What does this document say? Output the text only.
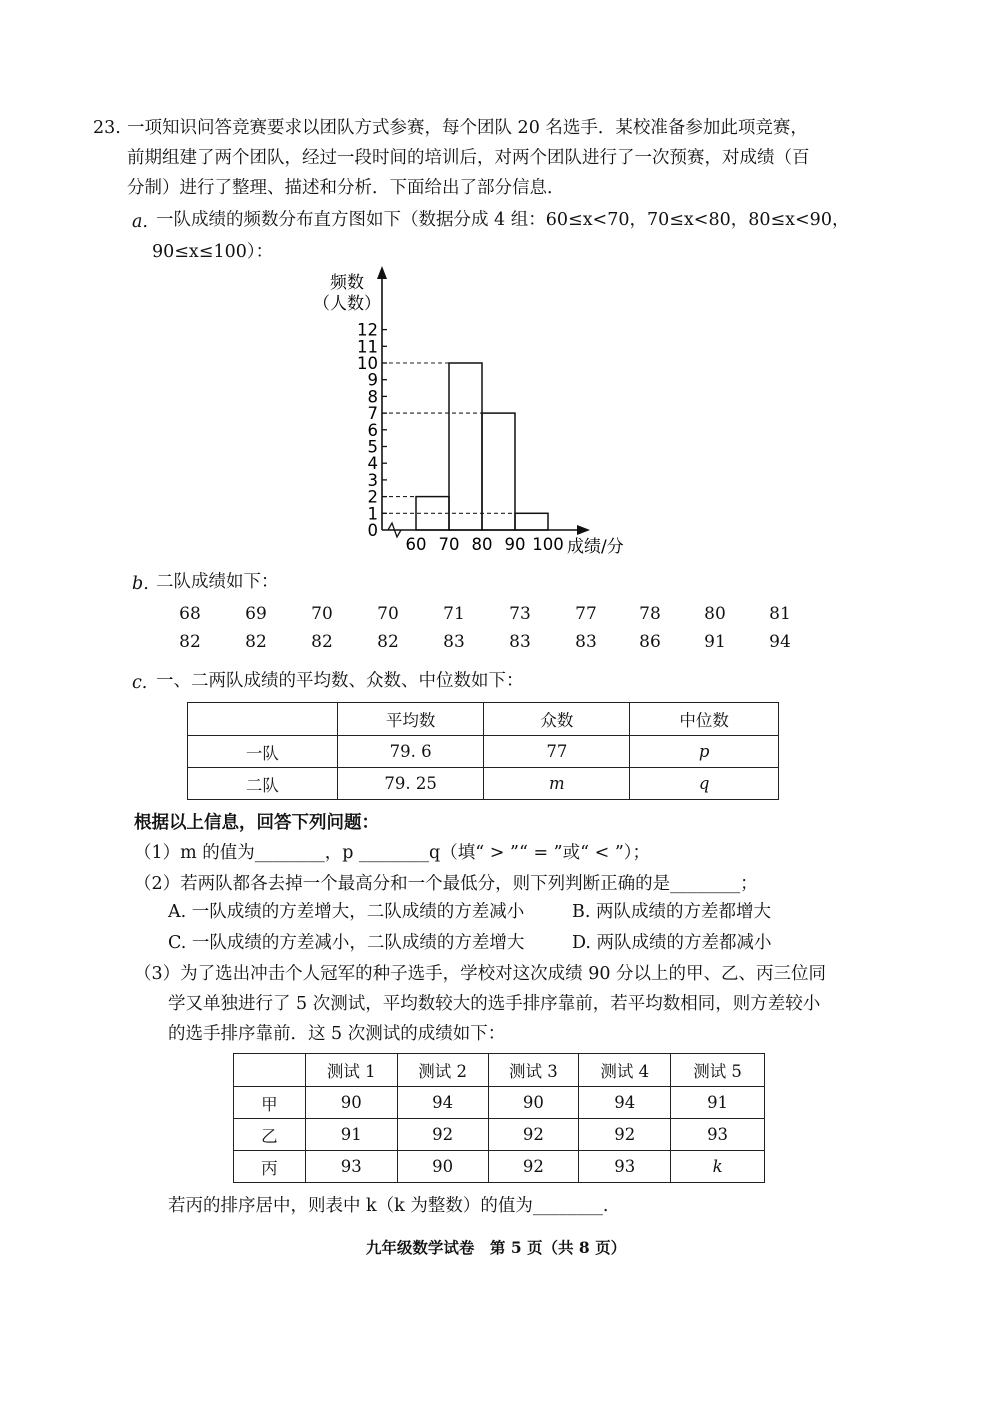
23. 一项知识问答竞赛要求以团队方式参赛，每个团队 20 名选手．某校准备参加此项竞赛，
前期组建了两个团队，经过一段时间的培训后，对两个团队进行了一次预赛，对成绩（百
分制）进行了整理、描述和分析．下面给出了部分信息．
a. 一队成绩的频数分布直方图如下（数据分成 4 组：60≤x<70，70≤x<80，80≤x<90，
90≤x≤100）：
频数
（人数）
成绩/分
0
1
2
3
4
5
6
7
8
9
10
11
12
60 70 80 90 100
b. 二队成绩如下：
68	69	70	70	71	73	77	78	80	81
82	82	82	82	83	83	83	86	91	94
c. 一、二两队成绩的平均数、众数、中位数如下：
	平均数	众数	中位数
一队	79. 6	77	p
二队	79. 25	m	q
根据以上信息，回答下列问题：
（1）m 的值为________，p ________q（填“ > ”“ = ”或“ < ”）；
（2）若两队都各去掉一个最高分和一个最低分，则下列判断正确的是________；
A. 一队成绩的方差增大，二队成绩的方差减小	B. 两队成绩的方差都增大
C. 一队成绩的方差减小，二队成绩的方差增大	D. 两队成绩的方差都减小
（3）为了选出冲击个人冠军的种子选手，学校对这次成绩 90 分以上的甲、乙、丙三位同
学又单独进行了 5 次测试，平均数较大的选手排序靠前，若平均数相同，则方差较小
的选手排序靠前．这 5 次测试的成绩如下：
	测试 1	测试 2	测试 3	测试 4	测试 5
甲	90	94	90	94	91
乙	91	92	92	92	93
丙	93	90	92	93	k
若丙的排序居中，则表中 k（k 为整数）的值为________.
九年级数学试卷　第 5 页（共 8 页）
